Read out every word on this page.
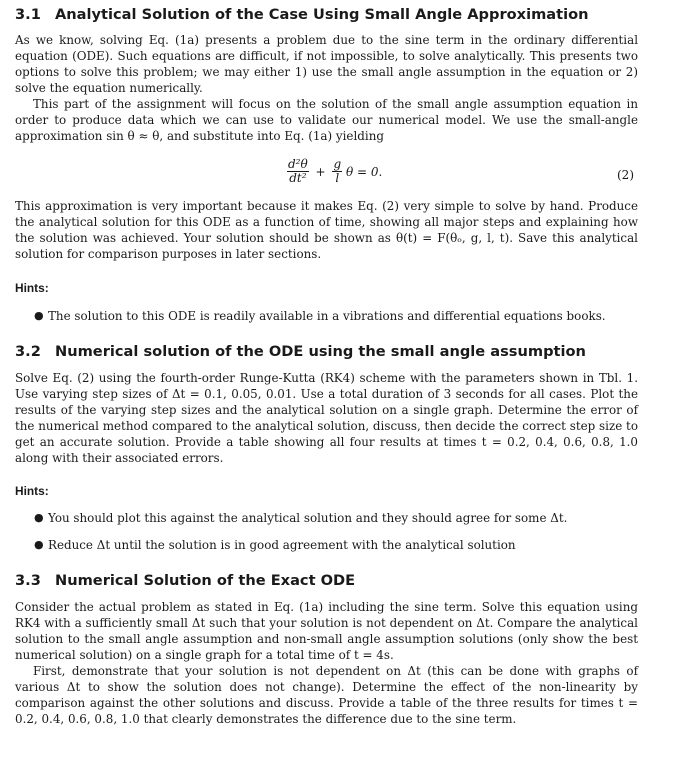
3.1 Analytical Solution of the Case Using Small Angle Approximation

As we know, solving Eq. (1a) presents a problem due to the sine term in the ordinary differential equation (ODE). Such equations are difficult, if not impossible, to solve analytically. This presents two options to solve this problem; we may either 1) use the small angle assumption in the equation or 2) solve the equation numerically.

This part of the assignment will focus on the solution of the small angle assumption equation in order to produce data which we can use to validate our numerical model. We use the small-angle approximation sin θ ≈ θ, and substitute into Eq. (1a) yielding

$\frac{\text{d²θ}}{\text{dt²}} + \frac{g}{l}$ θ = 0.	(2)

This approximation is very important because it makes Eq. (2) very simple to solve by hand. Produce the analytical solution for this ODE as a function of time, showing all major steps and explaining how the solution was achieved. Your solution should be shown as θ(t) = F(θₒ, g, l, t). Save this analytical solution for comparison purposes in later sections.

Hints:
● The solution to this ODE is readily available in a vibrations and differential equations books.
3.2 Numerical solution of the ODE using the small angle assumption

Solve Eq. (2) using the fourth-order Runge-Kutta (RK4) scheme with the parameters shown in Tbl. 1. Use varying step sizes of Δt = 0.1, 0.05, 0.01. Use a total duration of 3 seconds for all cases. Plot the results of the varying step sizes and the analytical solution on a single graph. Determine the error of the numerical method compared to the analytical solution, discuss, then decide the correct step size to get an accurate solution. Provide a table showing all four results at times t = 0.2, 0.4, 0.6, 0.8, 1.0 along with their associated errors.

Hints:
● You should plot this against the analytical solution and they should agree for some Δt.
● Reduce Δt until the solution is in good agreement with the analytical solution
3.3 Numerical Solution of the Exact ODE

Consider the actual problem as stated in Eq. (1a) including the sine term. Solve this equation using RK4 with a sufficiently small Δt such that your solution is not dependent on Δt. Compare the analytical solution to the small angle assumption and non-small angle assumption solutions (only show the best numerical solution) on a single graph for a total time of t = 4s.

First, demonstrate that your solution is not dependent on Δt (this can be done with graphs of various Δt to show the solution does not change). Determine the effect of the non-linearity by comparison against the other solutions and discuss. Provide a table of the three results for times t = 0.2, 0.4, 0.6, 0.8, 1.0 that clearly demonstrates the difference due to the sine term.
